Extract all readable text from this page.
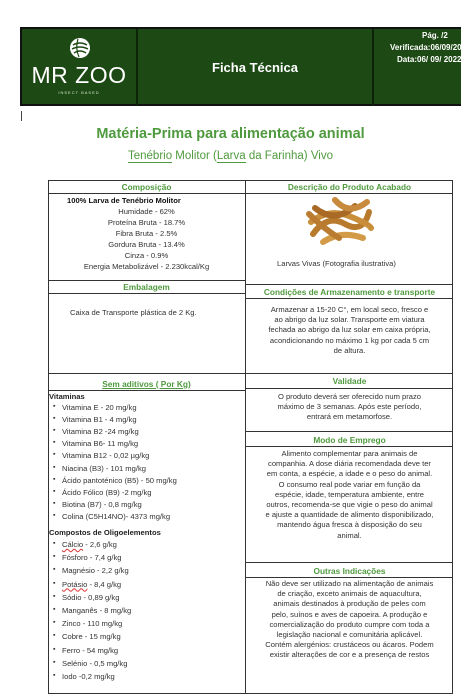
MR ZOO
INSECT BASED
Ficha Técnica
Pág. /2
Verificada:06/09/2022
Data:06/ 09/ 2022
Matéria-Prima para alimentação animal
Tenébrio Molitor (Larva da Farinha) Vivo
Composição	Descrição do Produto Acabado
100% Larva de Tenébrio Molitor
Humidade - 62%
Proteína Bruta - 18.7%
Fibra Bruta - 2.5%
Gordura Bruta - 13.4%
Cinza - 0.9%
Energia Metabolizável - 2.230kcal/Kg	Larvas Vivas (Fotografia ilustrativa)
Embalagem	Condições de Armazenamento e transporte
Caixa de Transporte plástica de 2 Kg.	Armazenar a 15-20 C°, em local seco, fresco e
ao abrigo da luz solar. Transporte em viatura
fechada ao abrigo da luz solar em caixa própria,
acondicionando no máximo 1 kg por cada 5 cm
de altura.
Sem aditivos ( Por Kg)	Validade
Vitaminas
▪ Vitamina E - 20 mg/kg
▪ Vitamina B1 - 4 mg/kg
▪ Vitamina B2 -24 mg/kg
▪ Vitamina B6- 11 mg/kg
▪ Vitamina B12 - 0,02 µg/kg
▪ Niacina (B3) - 101 mg/kg
▪ Ácido pantoténico (B5) - 50 mg/kg
▪ Ácido Fólico (B9) -2 mg/kg
▪ Biotina (B7) - 0,8 mg/kg
▪ Colina (C5H14NO)- 4373 mg/kg
Compostos de Oligoelementos
▪ Cálcio - 2,6 g/kg
▪ Fósforo - 7,4 g/kg
▪ Magnésio - 2,2 g/kg
▪ Potásio - 8,4 g/kg
▪ Sódio - 0,89 g/kg
▪ Manganês - 8 mg/kg
▪ Zinco - 110 mg/kg
▪ Cobre - 15 mg/kg
▪ Ferro - 54 mg/kg
▪ Selénio - 0,5 mg/kg
▪ Iodo -0,2 mg/kg
O produto deverá ser oferecido num prazo
máximo de 3 semanas. Após este período,
entrará em metamorfose.
Modo de Emprego
Alimento complementar para animais de
companhia. A dose diária recomendada deve ter
em conta, a espécie, a idade e o peso do animal.
O consumo real pode variar em função da
espécie, idade, temperatura ambiente, entre
outros, recomenda-se que vigie o peso do animal
e ajuste a quantidade de alimento disponibilizado,
mantendo água fresca à disposição do seu
animal.
Outras Indicações
Não deve ser utilizado na alimentação de animais
de criação, exceto animais de aquacultura,
animais destinados à produção de peles com
pelo, suínos e aves de capoeira. A produção e
comercialização do produto cumpre com toda a
legislação nacional e comunitária aplicável.
Contém alergénios: crustáceos ou ácaros. Podem
existir alterações de cor e a presença de restos
